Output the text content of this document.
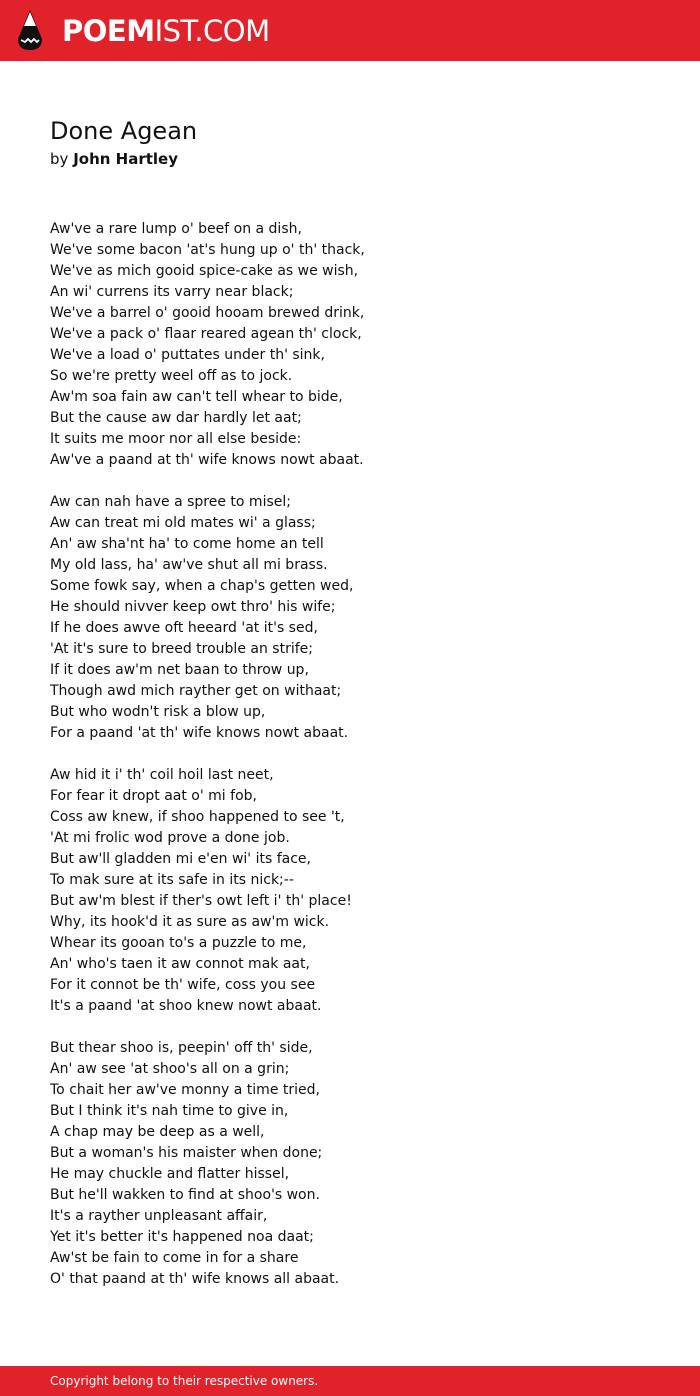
POEMIST.COM
Done Agean
by John Hartley
Aw've a rare lump o' beef on a dish,
We've some bacon 'at's hung up o' th' thack,
We've as mich gooid spice-cake as we wish,
An wi' currens its varry near black;
We've a barrel o' gooid hooam brewed drink,
We've a pack o' flaar reared agean th' clock,
We've a load o' puttates under th' sink,
So we're pretty weel off as to jock.
Aw'm soa fain aw can't tell whear to bide,
But the cause aw dar hardly let aat;
It suits me moor nor all else beside:
Aw've a paand at th' wife knows nowt abaat.
Aw can nah have a spree to misel;
Aw can treat mi old mates wi' a glass;
An' aw sha'nt ha' to come home an tell
My old lass, ha' aw've shut all mi brass.
Some fowk say, when a chap's getten wed,
He should nivver keep owt thro' his wife;
If he does awve oft heeard 'at it's sed,
'At it's sure to breed trouble an strife;
If it does aw'm net baan to throw up,
Though awd mich rayther get on withaat;
But who wodn't risk a blow up,
For a paand 'at th' wife knows nowt abaat.
Aw hid it i' th' coil hoil last neet,
For fear it dropt aat o' mi fob,
Coss aw knew, if shoo happened to see 't,
'At mi frolic wod prove a done job.
But aw'll gladden mi e'en wi' its face,
To mak sure at its safe in its nick;--
But aw'm blest if ther's owt left i' th' place!
Why, its hook'd it as sure as aw'm wick.
Whear its gooan to's a puzzle to me,
An' who's taen it aw connot mak aat,
For it connot be th' wife, coss you see
It's a paand 'at shoo knew nowt abaat.
But thear shoo is, peepin' off th' side,
An' aw see 'at shoo's all on a grin;
To chait her aw've monny a time tried,
But I think it's nah time to give in,
A chap may be deep as a well,
But a woman's his maister when done;
He may chuckle and flatter hissel,
But he'll wakken to find at shoo's won.
It's a rayther unpleasant affair,
Yet it's better it's happened noa daat;
Aw'st be fain to come in for a share
O' that paand at th' wife knows all abaat.
Copyright belong to their respective owners.
